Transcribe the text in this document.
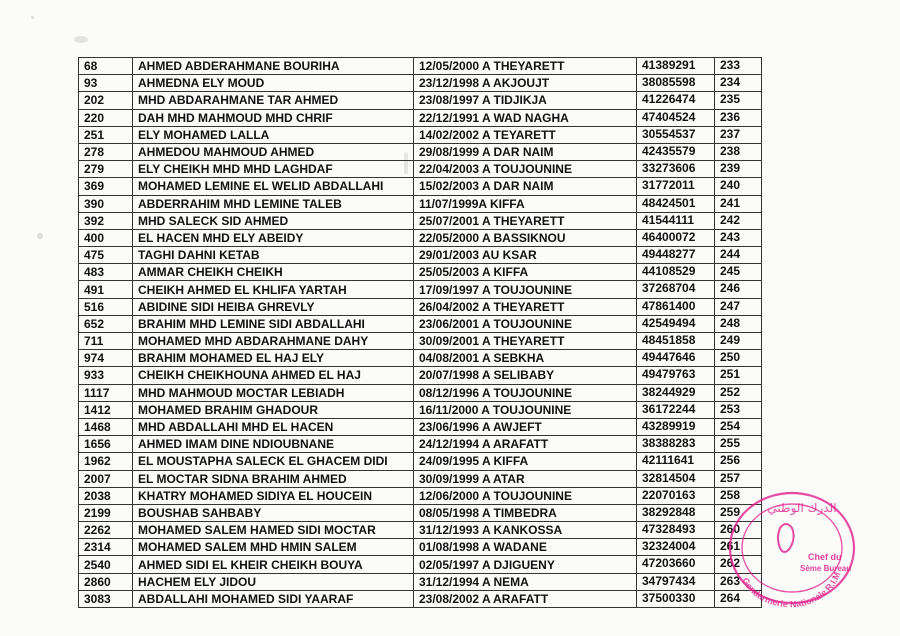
68	AHMED ABDERAHMANE BOURIHA	12/05/2000 A THEYARETT	41389291	233
93	AHMEDNA ELY MOUD	23/12/1998 A AKJOUJT	38085598	234
202	MHD ABDARAHMANE TAR AHMED	23/08/1997 A TIDJIKJA	41226474	235
220	DAH MHD MAHMOUD MHD CHRIF	22/12/1991 A WAD NAGHA	47404524	236
251	ELY MOHAMED LALLA	14/02/2002 A TEYARETT	30554537	237
278	AHMEDOU MAHMOUD AHMED	29/08/1999 A DAR NAIM	42435579	238
279	ELY CHEIKH MHD MHD LAGHDAF	22/04/2003 A TOUJOUNINE	33273606	239
369	MOHAMED LEMINE EL WELID ABDALLAHI	15/02/2003 A DAR NAIM	31772011	240
390	ABDERRAHIM MHD LEMINE TALEB	11/07/1999A KIFFA	48424501	241
392	MHD SALECK SID AHMED	25/07/2001 A THEYARETT	41544111	242
400	EL HACEN MHD ELY ABEIDY	22/05/2000 A BASSIKNOU	46400072	243
475	TAGHI DAHNI KETAB	29/01/2003 AU KSAR	49448277	244
483	AMMAR CHEIKH CHEIKH	25/05/2003 A KIFFA	44108529	245
491	CHEIKH AHMED EL KHLIFA YARTAH	17/09/1997 A TOUJOUNINE	37268704	246
516	ABIDINE SIDI HEIBA GHREVLY	26/04/2002 A THEYARETT	47861400	247
652	BRAHIM MHD LEMINE SIDI ABDALLAHI	23/06/2001 A TOUJOUNINE	42549494	248
711	MOHAMED MHD ABDARAHMANE DAHY	30/09/2001 A THEYARETT	48451858	249
974	BRAHIM MOHAMED EL HAJ ELY	04/08/2001 A SEBKHA	49447646	250
933	CHEIKH CHEIKHOUNA AHMED EL HAJ	20/07/1998 A SELIBABY	49479763	251
1117	MHD MAHMOUD MOCTAR LEBIADH	08/12/1996 A TOUJOUNINE	38244929	252
1412	MOHAMED BRAHIM GHADOUR	16/11/2000 A TOUJOUNINE	36172244	253
1468	MHD ABDALLAHI MHD EL HACEN	23/06/1996 A AWJEFT	43289919	254
1656	AHMED IMAM DINE NDIOUBNANE	24/12/1994 A ARAFATT	38388283	255
1962	EL MOUSTAPHA SALECK EL GHACEM DIDI	24/09/1995 A KIFFA	42111641	256
2007	EL MOCTAR SIDNA BRAHIM AHMED	30/09/1999 A ATAR	32814504	257
2038	KHATRY MOHAMED SIDIYA EL HOUCEIN	12/06/2000 A TOUJOUNINE	22070163	258
2199	BOUSHAB SAHBABY	08/05/1998 A TIMBEDRA	38292848	259
2262	MOHAMED SALEM HAMED SIDI MOCTAR	31/12/1993 A KANKOSSA	47328493	260
2314	MOHAMED SALEM MHD HMIN SALEM	01/08/1998 A WADANE	32324004	261
2540	AHMED SIDI EL KHEIR CHEIKH BOUYA	02/05/1997 A DJIGUENY	47203660	262
2860	HACHEM ELY JIDOU	31/12/1994 A NEMA	34797434	263
3083	ABDALLAHI MOHAMED SIDI YAARAF	23/08/2002 A ARAFATT	37500330	264
الدرك الوطني
Chef du
Sème Bureau
Gendarmerie Nationale R.I.M
